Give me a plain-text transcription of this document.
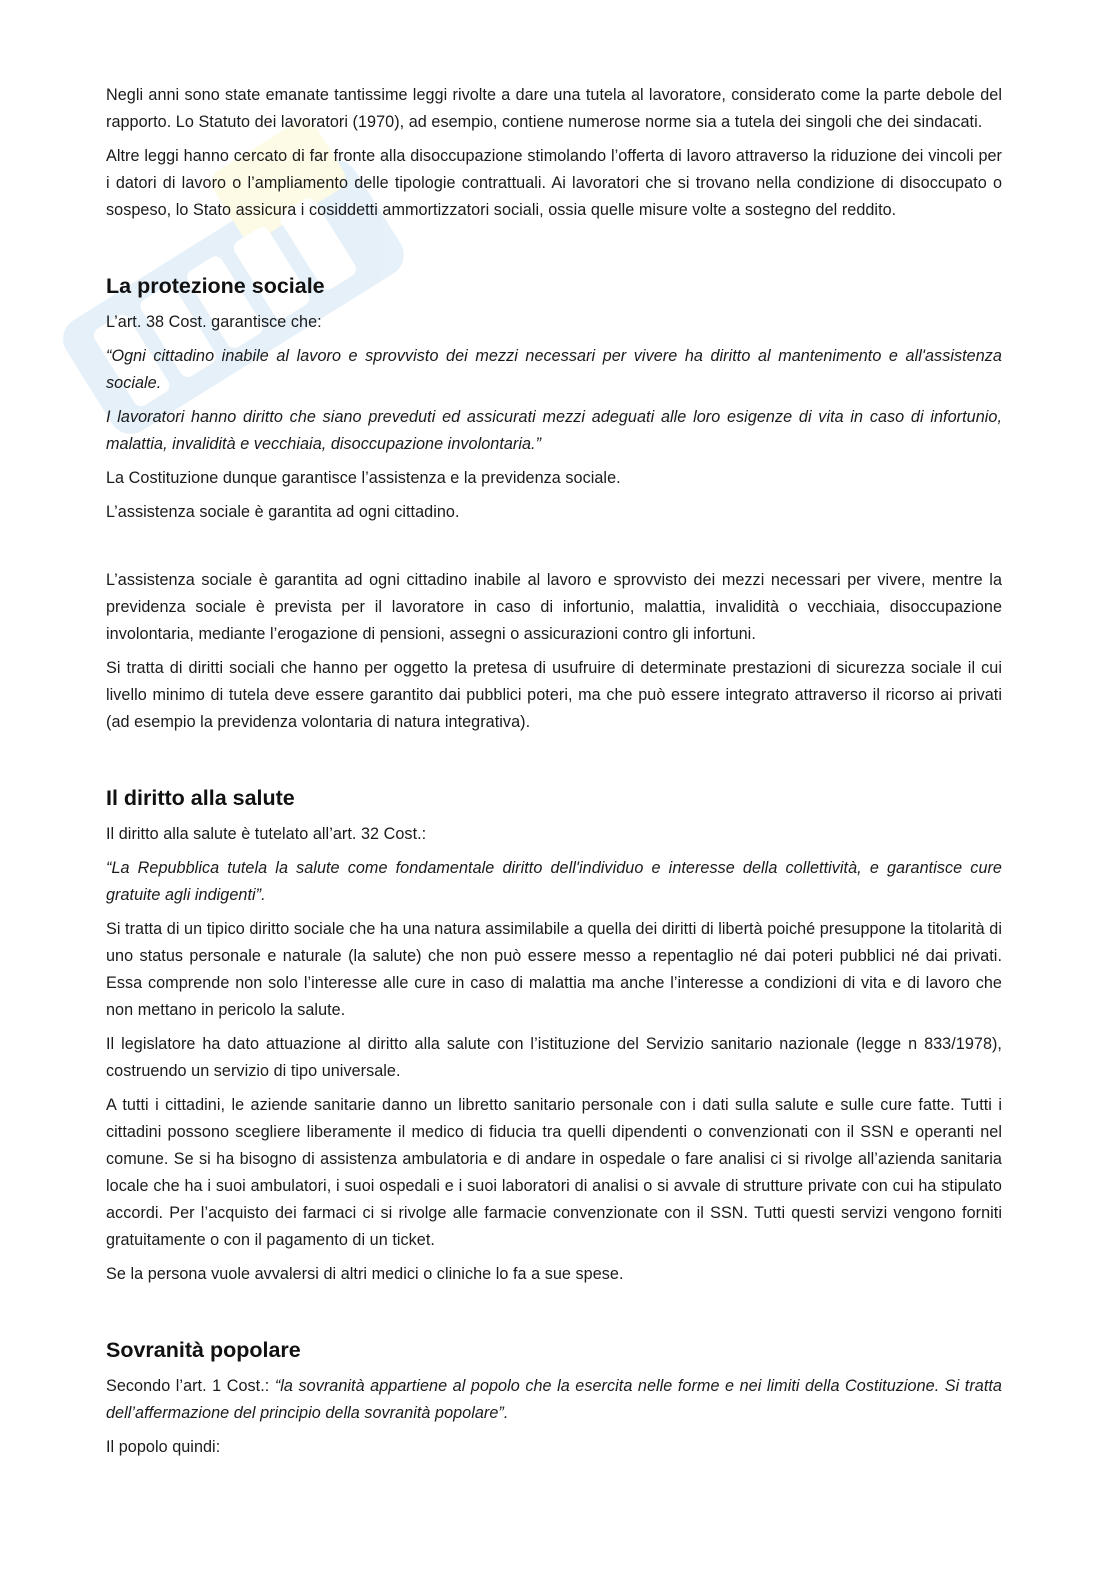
Negli anni sono state emanate tantissime leggi rivolte a dare una tutela al lavoratore, considerato come la parte debole del rapporto. Lo Statuto dei lavoratori (1970), ad esempio, contiene numerose norme sia a tutela dei singoli che dei sindacati.

Altre leggi hanno cercato di far fronte alla disoccupazione stimolando l’offerta di lavoro attraverso la riduzione dei vincoli per i datori di lavoro o l’ampliamento delle tipologie contrattuali. Ai lavoratori che si trovano nella condizione di disoccupato o sospeso, lo Stato assicura i cosiddetti ammortizzatori sociali, ossia quelle misure volte a sostegno del reddito.

La protezione sociale

L’art. 38 Cost. garantisce che:

“Ogni cittadino inabile al lavoro e sprovvisto dei mezzi necessari per vivere ha diritto al mantenimento e all'assistenza sociale.

I lavoratori hanno diritto che siano preveduti ed assicurati mezzi adeguati alle loro esigenze di vita in caso di infortunio, malattia, invalidità e vecchiaia, disoccupazione involontaria.”

La Costituzione dunque garantisce l’assistenza e la previdenza sociale.

L’assistenza sociale è garantita ad ogni cittadino.

L’assistenza sociale è garantita ad ogni cittadino inabile al lavoro e sprovvisto dei mezzi necessari per vivere, mentre la previdenza sociale è prevista per il lavoratore in caso di infortunio, malattia, invalidità o vecchiaia, disoccupazione involontaria, mediante l’erogazione di pensioni, assegni o assicurazioni contro gli infortuni.

Si tratta di diritti sociali che hanno per oggetto la pretesa di usufruire di determinate prestazioni di sicurezza sociale il cui livello minimo di tutela deve essere garantito dai pubblici poteri, ma che può essere integrato attraverso il ricorso ai privati (ad esempio la previdenza volontaria di natura integrativa).

Il diritto alla salute

Il diritto alla salute è tutelato all’art. 32 Cost.:

“La Repubblica tutela la salute come fondamentale diritto dell'individuo e interesse della collettività, e garantisce cure gratuite agli indigenti”.

Si tratta di un tipico diritto sociale che ha una natura assimilabile a quella dei diritti di libertà poiché presuppone la titolarità di uno status personale e naturale (la salute) che non può essere messo a repentaglio né dai poteri pubblici né dai privati. Essa comprende non solo l’interesse alle cure in caso di malattia ma anche l’interesse a condizioni di vita e di lavoro che non mettano in pericolo la salute.

Il legislatore ha dato attuazione al diritto alla salute con l’istituzione del Servizio sanitario nazionale (legge n 833/1978), costruendo un servizio di tipo universale.

A tutti i cittadini, le aziende sanitarie danno un libretto sanitario personale con i dati sulla salute e sulle cure fatte. Tutti i cittadini possono scegliere liberamente il medico di fiducia tra quelli dipendenti o convenzionati con il SSN e operanti nel comune. Se si ha bisogno di assistenza ambulatoria e di andare in ospedale o fare analisi ci si rivolge all’azienda sanitaria locale che ha i suoi ambulatori, i suoi ospedali e i suoi laboratori di analisi o si avvale di strutture private con cui ha stipulato accordi. Per l’acquisto dei farmaci ci si rivolge alle farmacie convenzionate con il SSN. Tutti questi servizi vengono forniti gratuitamente o con il pagamento di un ticket.

Se la persona vuole avvalersi di altri medici o cliniche lo fa a sue spese.

Sovranità popolare

Secondo l’art. 1 Cost.: “la sovranità appartiene al popolo che la esercita nelle forme e nei limiti della Costituzione. Si tratta dell’affermazione del principio della sovranità popolare”.

Il popolo quindi:
